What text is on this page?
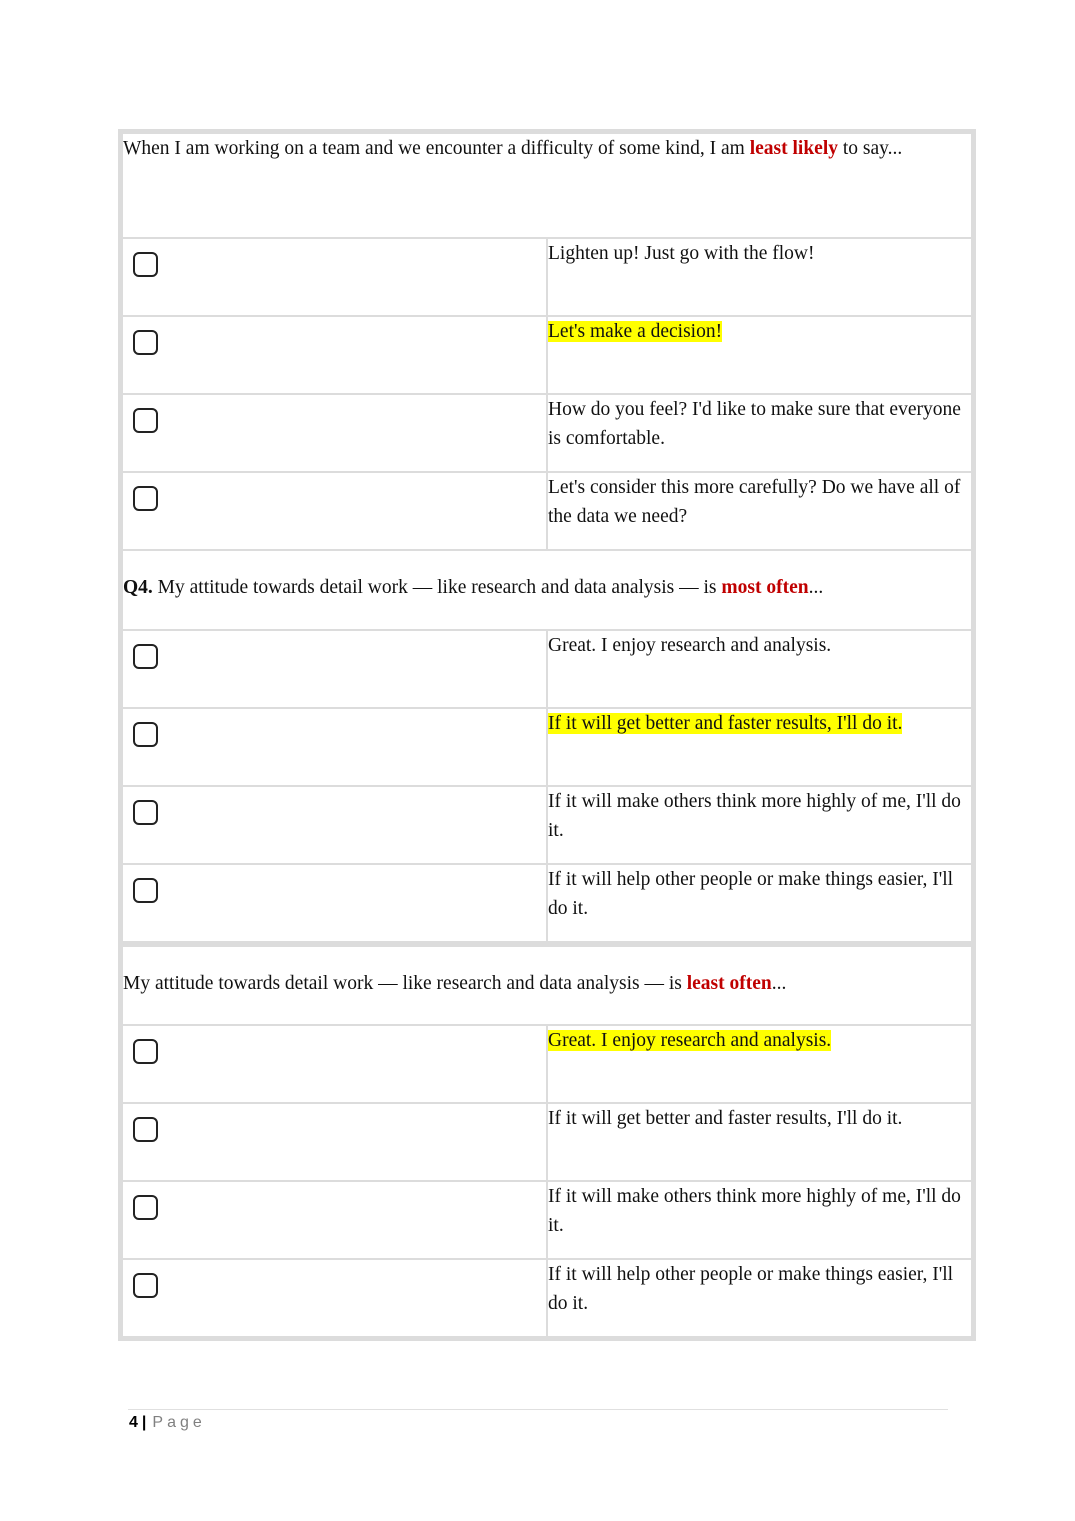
When I am working on a team and we encounter a difficulty of some kind, I am least likely to say...	

	Lighten up! Just go with the flow!

	Let's make a decision!

	How do you feel? I'd like to make sure that everyone is comfortable.

	Let's consider this more carefully? Do we have all of the data we need?
Q4. My attitude towards detail work — like research and data analysis — is most often...	

	Great. I enjoy research and analysis.

	If it will get better and faster results, I'll do it.

	If it will make others think more highly of me, I'll do it.

	If it will help other people or make things easier, I'll do it.
My attitude towards detail work — like research and data analysis — is least often...	

	Great. I enjoy research and analysis.

	If it will get better and faster results, I'll do it.

	If it will make others think more highly of me, I'll do it.

	If it will help other people or make things easier, I'll do it.
4 | Page
